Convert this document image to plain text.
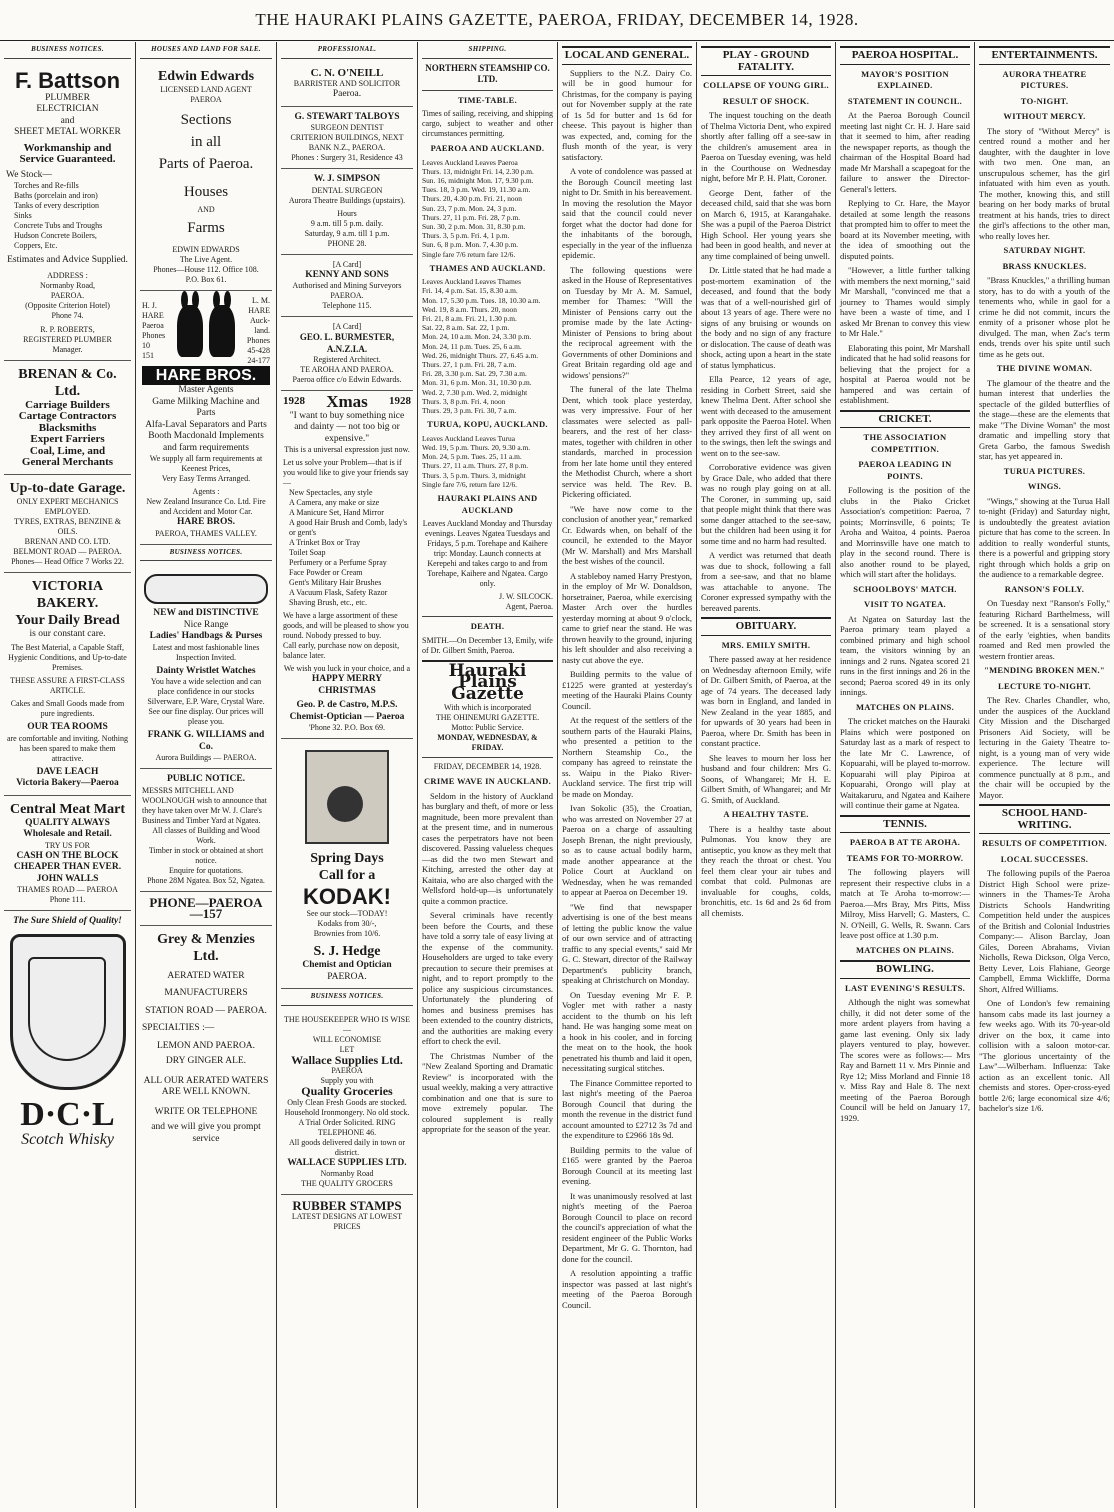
THE HAURAKI PLAINS GAZETTE, PAEROA, FRIDAY, DECEMBER 14, 1928.
BUSINESS NOTICES.
F. Battson
PLUMBER
ELECTRICIAN
and
SHEET METAL WORKER
Workmanship and Service Guaranteed.
We Stock—
Torches and Re-fills
Baths (porcelain and iron)
Tanks of every description
Sinks
Concrete Tubs and Troughs
Hudson Concrete Boilers,
Coppers, Etc.
Estimates and Advice Supplied.
ADDRESS :
Normanby Road,
PAEROA.
(Opposite Criterion Hotel)
Phone 74.
R. P. ROBERTS,
REGISTERED PLUMBER
Manager.
BRENAN & Co. Ltd.
Carriage Builders
Cartage Contractors
Blacksmiths
Expert Farriers
Coal, Lime, and
General Merchants
Up-to-date Garage.
ONLY EXPERT MECHANICS EMPLOYED.
TYRES, EXTRAS, BENZINE & OILS.
BRENAN AND CO. LTD.
BELMONT ROAD — PAEROA.
Phones— Head Office 7 Works 22.
VICTORIA BAKERY.
Your Daily Bread
is our constant care.
The Best Material, a Capable Staff, Hygienic Conditions, and Up-to-date Premises.
THESE ASSURE A FIRST-CLASS ARTICLE.
Cakes and Small Goods made from pure ingredients.
OUR TEA ROOMS
are comfortable and inviting. Nothing has been spared to make them attractive.
DAVE LEACH
Victoria Bakery—Paeroa
Central Meat Mart
QUALITY ALWAYS
Wholesale and Retail.
TRY US FOR
CASH ON THE BLOCK
CHEAPER THAN EVER.
JOHN WALLS
THAMES ROAD — PAEROA
Phone 111.
The Sure Shield of Quality!
D·C·L
Scotch Whisky
HOUSES AND LAND FOR SALE.
Edwin Edwards
LICENSED LAND AGENT
PAEROA
Sections
in all
Parts of Paeroa.
Houses
AND
Farms
EDWIN EDWARDS
The Live Agent.
Phones—House 112. Office 108.
P.O. Box 61.
H. J.
HARE
Paeroa
Phones
10
151
L. M.
HARE
Auck-
land.
Phones
45-428
24-177
HARE BROS.
Master Agents
Game Milking Machine and Parts
Alfa-Laval Separators and Parts
Booth Macdonald Implements and farm requirements
We supply all farm requirements at Keenest Prices,
Very Easy Terms Arranged.
Agents :
New Zealand Insurance Co. Ltd. Fire and Accident and Motor Car.
HARE BROS.
PAEROA, THAMES VALLEY.
BUSINESS NOTICES.
NEW and DISTINCTIVE
Nice Range
Ladies' Handbags & Purses
Latest and most fashionable lines Inspection Invited.
Dainty Wristlet Watches
You have a wide selection and can place confidence in our stocks
Silverware, E.P. Ware, Crystal Ware.
See our fine display. Our prices will please you.
FRANK G. WILLIAMS and Co.
Aurora Buildings — PAEROA.
PUBLIC NOTICE.
MESSRS MITCHELL AND WOOLNOUGH wish to announce that they have taken over Mr W. J. Clare's Business and Timber Yard at Ngatea.
All classes of Building and Wood Work.
Timber in stock or obtained at short notice.
Enquire for quotations.
Phone 28M Ngatea. Box 52, Ngatea.
PHONE—PAEROA —157
Grey & Menzies
Ltd.
AERATED WATER
MANUFACTURERS
STATION ROAD — PAEROA.
SPECIALTIES :—
LEMON AND PAEROA.
DRY GINGER ALE.
ALL OUR AERATED WATERS ARE WELL KNOWN.
WRITE OR TELEPHONE
and we will give you prompt service
PROFESSIONAL.
C. N. O'NEILL
BARRISTER AND SOLICITOR
Paeroa.
G. STEWART TALBOYS
SURGEON DENTIST
CRITERION BUILDINGS, NEXT BANK N.Z., PAEROA.
Phones : Surgery 31, Residence 43
W. J. SIMPSON
DENTAL SURGEON
Aurora Theatre Buildings (upstairs).
Hours
9 a.m. till 5 p.m. daily.
Saturday, 9 a.m. till 1 p.m.
PHONE 28.
[A Card]
KENNY AND SONS
Authorised and Mining Surveyors
PAEROA.
Telephone 115.
[A Card]
GEO. L. BURMESTER, A.N.Z.I.A.
Registered Architect.
TE AROHA AND PAEROA.
Paeroa office c/o Edwin Edwards.
1928 Xmas 1928
"I want to buy something nice and dainty — not too big or expensive."
This is a universal expression just now.
Let us solve your Problem—that is if you would like to give your friends say—
New Spectacles, any style
A Camera, any make or size
A Manicure Set, Hand Mirror
A good Hair Brush and Comb, lady's or gent's
A Trinket Box or Tray
Toilet Soap
Perfumery or a Perfume Spray
Face Powder or Cream
Gent's Military Hair Brushes
A Vacuum Flask, Safety Razor
Shaving Brush, etc., etc.
We have a large assortment of these goods, and will be pleased to show you round. Nobody pressed to buy.
Call early, purchase now on deposit, balance later.
We wish you luck in your choice, and a
HAPPY MERRY CHRISTMAS
Geo. P. de Castro, M.P.S.
Chemist-Optician — Paeroa
'Phone 32. P.O. Box 69.
Spring Days
Call for a
KODAK!
See our stock—TODAY!
Kodaks from 30/-,
Brownies from 10/6.
S. J. Hedge
Chemist and Optician
PAEROA.
BUSINESS NOTICES.
THE HOUSEKEEPER WHO IS WISE—
WILL ECONOMISE
LET
Wallace Supplies Ltd.
PAEROA
Supply you with
Quality Groceries
Only Clean Fresh Goods are stocked.
Household Ironmongery. No old stock.
A Trial Order Solicited. RING TELEPHONE 46.
All goods delivered daily in town or district.
WALLACE SUPPLIES LTD.
Normanby Road
THE QUALITY GROCERS
RUBBER STAMPS
LATEST DESIGNS AT LOWEST PRICES
SHIPPING.
NORTHERN STEAMSHIP CO. LTD.
TIME-TABLE.
Times of sailing, receiving, and shipping cargo, subject to weather and other circumstances permitting.
PAEROA AND AUCKLAND.
Leaves Auckland Leaves Paeroa
Thurs. 13, midnight Fri. 14, 2.30 p.m.
Sun. 16, midnight Mon. 17, 9.30 p.m.
Tues. 18, 3 p.m. Wed. 19, 11.30 a.m.
Thurs. 20, 4.30 p.m. Fri. 21, noon
Sun. 23, 7 p.m. Mon. 24, 3 p.m.
Thurs. 27, 11 p.m. Fri. 28, 7 p.m.
Sun. 30, 2 p.m. Mon. 31, 8.30 p.m.
Thurs. 3, 5 p.m. Fri. 4, 1 p.m.
Sun. 6, 8 p.m. Mon. 7, 4.30 p.m.
Single fare 7/6 return fare 12/6.
THAMES AND AUCKLAND.
Leaves Auckland Leaves Thames
Fri. 14, 4 p.m. Sat. 15, 8.30 a.m.
Mon. 17, 5.30 p.m. Tues. 18, 10.30 a.m.
Wed. 19, 8 a.m. Thurs. 20, noon
Fri. 21, 8 a.m. Fri. 21, 1.30 p.m.
Sat. 22, 8 a.m. Sat. 22, 1 p.m.
Mon. 24, 10 a.m. Mon. 24, 3.30 p.m.
Mon. 24, 11 p.m. Tues. 25, 6 a.m.
Wed. 26, midnight Thurs. 27, 6.45 a.m.
Thurs. 27, 1 p.m. Fri. 28, 7 a.m.
Fri. 28, 3.30 p.m. Sat. 29, 7.30 a.m.
Mon. 31, 6 p.m. Mon. 31, 10.30 p.m.
Wed. 2, 7.30 p.m. Wed. 2, midnight
Thurs. 3, 8 p.m. Fri. 4, noon
Thurs. 29, 3 p.m. Fri. 30, 7 a.m.
TURUA, KOPU, AUCKLAND.
Leaves Auckland Leaves Turua
Wed. 19, 5 p.m. Thurs. 20, 9.30 a.m.
Mon. 24, 5 p.m. Tues. 25, 11 a.m.
Thurs. 27, 11 a.m. Thurs. 27, 8 p.m.
Thurs. 3, 5 p.m. Thurs. 3, midnight
Single fare 7/6, return fare 12/6.
HAURAKI PLAINS AND AUCKLAND
Leaves Auckland Monday and Thursday evenings. Leaves Ngatea Tuesdays and Fridays, 5 p.m. Torehape and Kaihere trip: Monday. Launch connects at Kerepehi and takes cargo to and from Torehape, Kaihere and Ngatea. Cargo only.
J. W. SILCOCK.
Agent, Paeroa.
DEATH.
SMITH.—On December 13, Emily, wife of Dr. Gilbert Smith, Paeroa.
Hauraki Plains Gazette
With which is incorporated
THE OHINEMURI GAZETTE.
Motto: Public Service.
MONDAY, WEDNESDAY, & FRIDAY.
FRIDAY, DECEMBER 14, 1928.
CRIME WAVE IN AUCKLAND.

Seldom in the history of Auckland has burglary and theft, of more or less magnitude, been more prevalent than at the present time, and in numerous cases the perpetrators have not been discovered. Passing valueless cheques—as did the two men Stewart and Kitching, arrested the other day at Kaitaia, who are also charged with the Wellsford hold-up—is unfortunately quite a common practice.

Several criminals have recently been before the Courts, and these have told a sorry tale of easy living at the expense of the community. Householders are urged to take every precaution to secure their premises at night, and to report promptly to the police any suspicious circumstances. Unfortunately the plundering of homes and business premises has been extended to the country districts, and the authorities are making every effort to check the evil.

The Christmas Number of the "New Zealand Sporting and Dramatic Review" is incorporated with the usual weekly, making a very attractive combination and one that is sure to move extremely popular. The coloured supplement is really appropriate for the season of the year.

LOCAL AND GENERAL.

Suppliers to the N.Z. Dairy Co. will be in good humour for Christmas, for the company is paying out for November supply at the rate of 1s 5d for butter and 1s 6d for cheese. This payout is higher than was expected, and, coming for the flush month of the year, is very satisfactory.

A vote of condolence was passed at the Borough Council meeting last night to Dr. Smith in his bereavement. In moving the resolution the Mayor said that the council could never forget what the doctor had done for the inhabitants of the borough, especially in the year of the influenza epidemic.

The following questions were asked in the House of Representatives on Tuesday by Mr A. M. Samuel, member for Thames: "Will the Minister of Pensions carry out the promise made by the late Acting-Minister of Pensions to bring about the reciprocal agreement with the Governments of other Dominions and Great Britain regarding old age and widows' pensions?"

The funeral of the late Thelma Dent, which took place yesterday, was very impressive. Four of her classmates were selected as pall-bearers, and the rest of her class-mates, together with children in other standards, marched in procession from her late home until they entered the Methodist Church, where a short service was held. The Rev. B. Pickering officiated.

"We have now come to the conclusion of another year," remarked Cr. Edwards when, on behalf of the council, he extended to the Mayor (Mr W. Marshall) and Mrs Marshall the best wishes of the council.

A stableboy named Harry Prestyon, in the employ of Mr W. Donaldson, horsetrainer, Paeroa, while exercising Master Arch over the hurdles yesterday morning at about 9 o'clock, came to grief near the stand. He was thrown heavily to the ground, injuring his left shoulder and also receiving a nasty cut above the eye.

Building permits to the value of £1225 were granted at yesterday's meeting of the Hauraki Plains County Council.

At the request of the settlers of the southern parts of the Hauraki Plains, who presented a petition to the Northern Steamship Co., the company has agreed to reinstate the ss. Waipu in the Piako River-Auckland service. The first trip will be made on Monday.

Ivan Sokolic (35), the Croatian, who was arrested on November 27 at Paeroa on a charge of assaulting Joseph Brenan, the night previously, so as to cause actual bodily harm, made another appearance at the Police Court at Auckland on Wednesday, when he was remanded to appear at Paeroa on December 19.

"We find that newspaper advertising is one of the best means of letting the public know the value of our own service and of attracting traffic to any special events," said Mr G. C. Stewart, director of the Railway Department's publicity branch, speaking at Christchurch on Monday.

On Tuesday evening Mr F. P. Vogler met with rather a nasty accident to the thumb on his left hand. He was hanging some meat on a hook in his cooler, and in forcing the meat on to the hook, the hook penetrated his thumb and laid it open, necessitating surgical stitches.

The Finance Committee reported to last night's meeting of the Paeroa Borough Council that during the month the revenue in the district fund account amounted to £2712 3s 7d and the expenditure to £2966 18s 9d.

Building permits to the value of £165 were granted by the Paeroa Borough Council at its meeting last evening.

It was unanimously resolved at last night's meeting of the Paeroa Borough Council to place on record the council's appreciation of what the resident engineer of the Public Works Department, Mr G. G. Thornton, had done for the council.

A resolution appointing a traffic inspector was passed at last night's meeting of the Paeroa Borough Council.

PLAY - GROUND FATALITY.
COLLAPSE OF YOUNG GIRL.
RESULT OF SHOCK.

The inquest touching on the death of Thelma Victoria Dent, who expired shortly after falling off a see-saw in the children's amusement area in Paeroa on Tuesday evening, was held in the Courthouse on Wednesday night, before Mr P. H. Platt, Coroner.

George Dent, father of the deceased child, said that she was born on March 6, 1915, at Karangahake. She was a pupil of the Paeroa District High School. Her young years she had been in good health, and never at any time complained of being unwell.

Dr. Little stated that he had made a post-mortem examination of the deceased, and found that the body was that of a well-nourished girl of about 13 years of age. There were no signs of any bruising or wounds on the body and no sign of any fracture or dislocation. The cause of death was shock, acting upon a heart in the state of status lymphaticus.

Ella Pearce, 12 years of age, residing in Corbett Street, said she knew Thelma Dent. After school she went with deceased to the amusement park opposite the Paeroa Hotel. When they arrived they first of all went on to the swings, then left the swings and went on to the see-saw.

Corroborative evidence was given by Grace Dale, who added that there was no rough play going on at all. The Coroner, in summing up, said that people might think that there was some danger attached to the see-saw, but the children had been using it for some time and no harm had resulted.

A verdict was returned that death was due to shock, following a fall from a see-saw, and that no blame was attachable to anyone. The Coroner expressed sympathy with the bereaved parents.

OBITUARY.
MRS. EMILY SMITH.

There passed away at her residence on Wednesday afternoon Emily, wife of Dr. Gilbert Smith, of Paeroa, at the age of 74 years. The deceased lady was born in England, and landed in New Zealand in the year 1885, and for upwards of 30 years had been in Paeroa, where Dr. Smith has been in constant practice.

She leaves to mourn her loss her husband and four children: Mrs G. Soons, of Whangarei; Mr H. E. Gilbert Smith, of Whangarei; and Mr G. Smith, of Auckland.

A HEALTHY TASTE.

There is a healthy taste about Pulmonas. You know they are antiseptic, you know as they melt that they reach the throat or chest. You feel them clear your air tubes and combat that cold. Pulmonas are invaluable for coughs, colds, bronchitis, etc. 1s 6d and 2s 6d from all chemists.

PAEROA HOSPITAL.
MAYOR'S POSITION EXPLAINED.
STATEMENT IN COUNCIL.

At the Paeroa Borough Council meeting last night Cr. H. J. Hare said that it seemed to him, after reading the newspaper reports, as though the chairman of the Hospital Board had made Mr Marshall a scapegoat for the failure to answer the Director-General's letters.

Replying to Cr. Hare, the Mayor detailed at some length the reasons that prompted him to offer to meet the board at its November meeting, with the idea of smoothing out the disputed points.

"However, a little further talking with members the next morning," said Mr Marshall, "convinced me that a journey to Thames would simply have been a waste of time, and I asked Mr Brenan to convey this view to Mr Hale."

Elaborating this point, Mr Marshall indicated that he had solid reasons for believing that the project for a hospital at Paeroa would not be hampered and was certain of establishment.

CRICKET.
THE ASSOCIATION COMPETITION.
PAEROA LEADING IN POINTS.

Following is the position of the clubs in the Piako Cricket Association's competition: Paeroa, 7 points; Morrinsville, 6 points; Te Aroha and Waitoa, 4 points. Paeroa and Morrinsville have one match to play in the second round. There is also another round to be played, which will start after the holidays.

SCHOOLBOYS' MATCH.
VISIT TO NGATEA.

At Ngatea on Saturday last the Paeroa primary team played a combined primary and high school team, the visitors winning by an innings and 2 runs. Ngatea scored 21 runs in the first innings and 26 in the second; Paeroa scored 49 in its only innings.

MATCHES ON PLAINS.

The cricket matches on the Hauraki Plains which were postponed on Saturday last as a mark of respect to the late Mr C. Lawrence, of Kopuarahi, will be played to-morrow. Kopuarahi will play Pipiroa at Kopuarahi, Orongo will play at Waitakaruru, and Ngatea and Kaihere will continue their game at Ngatea.

TENNIS.
PAEROA B AT TE AROHA.
TEAMS FOR TO-MORROW.

The following players will represent their respective clubs in a match at Te Aroha to-morrow:— Paeroa.—Mrs Bray, Mrs Pitts, Miss Milroy, Miss Harvell; G. Masters, C. N. O'Neill, G. Wells, R. Swann. Cars leave post office at 1.30 p.m.

MATCHES ON PLAINS.
BOWLING.
LAST EVENING'S RESULTS.

Although the night was somewhat chilly, it did not deter some of the more ardent players from having a game last evening. Only six lady players ventured to play, however. The scores were as follows:— Mrs Ray and Barnett 11 v. Mrs Pinnie and Rye 12; Miss Morland and Finnie 18 v. Miss Ray and Hale 8. The next meeting of the Paeroa Borough Council will be held on January 17, 1929.

ENTERTAINMENTS.
AURORA THEATRE PICTURES.
TO-NIGHT.
WITHOUT MERCY.

The story of "Without Mercy" is centred round a mother and her daughter, with the daughter in love with two men. One man, an unscrupulous schemer, has the girl infatuated with him even as youth. The mother, knowing this, and still bearing on her body marks of brutal treatment at his hands, tries to direct the girl's affections to the other man, who really loves her.

SATURDAY NIGHT.
BRASS KNUCKLES.

"Brass Knuckles," a thrilling human story, has to do with a youth of the tenements who, while in gaol for a crime he did not commit, incurs the enmity of a prisoner whose plot he divulged. The man, when Zac's term ends, trends over his spite until such time as he gets out.

THE DIVINE WOMAN.

The glamour of the theatre and the human interest that underlies the spectacle of the gilded butterflies of the stage—these are the elements that make "The Divine Woman" the most dramatic and impelling story that Greta Garbo, the famous Swedish star, has yet appeared in.

TURUA PICTURES.
WINGS.

"Wings," showing at the Turua Hall to-night (Friday) and Saturday night, is undoubtedly the greatest aviation picture that has come to the screen. In addition to really wonderful stunts, there is a powerful and gripping story right through which holds a grip on the audience to a remarkable degree.

RANSON'S FOLLY.

On Tuesday next "Ranson's Folly," featuring Richard Barthelmess, will be screened. It is a sensational story of the early 'eighties, when bandits roamed and Red men prowled the western frontier areas.

"MENDING BROKEN MEN."
LECTURE TO-NIGHT.

The Rev. Charles Chandler, who, under the auspices of the Auckland City Mission and the Discharged Prisoners Aid Society, will be lecturing in the Gaiety Theatre to-night, is a young man of very wide experience. The lecture will commence punctually at 8 p.m., and the chair will be occupied by the Mayor.

SCHOOL HAND-WRITING.
RESULTS OF COMPETITION.
LOCAL SUCCESSES.

The following pupils of the Paeroa District High School were prize-winners in the Thames-Te Aroha Districts Schools Handwriting Competition held under the auspices of the British and Colonial Industries Company:— Alison Barclay, Joan Giles, Doreen Abrahams, Vivian Nicholls, Rewa Dickson, Olga Verco, Betty Lever, Lois Flahiane, George Campbell, Emma Wickliffe, Dorma Short, Alfred Williams.

One of London's few remaining hansom cabs made its last journey a few weeks ago. With its 70-year-old driver on the box, it came into collision with a saloon motor-car. "The glorious uncertainty of the Law"—Wilberham. Influenza: Take action as an excellent tonic. All chemists and stores. Oper-cross-eyed bottle 2/6; large economical size 4/6; bachelor's size 1/6.
